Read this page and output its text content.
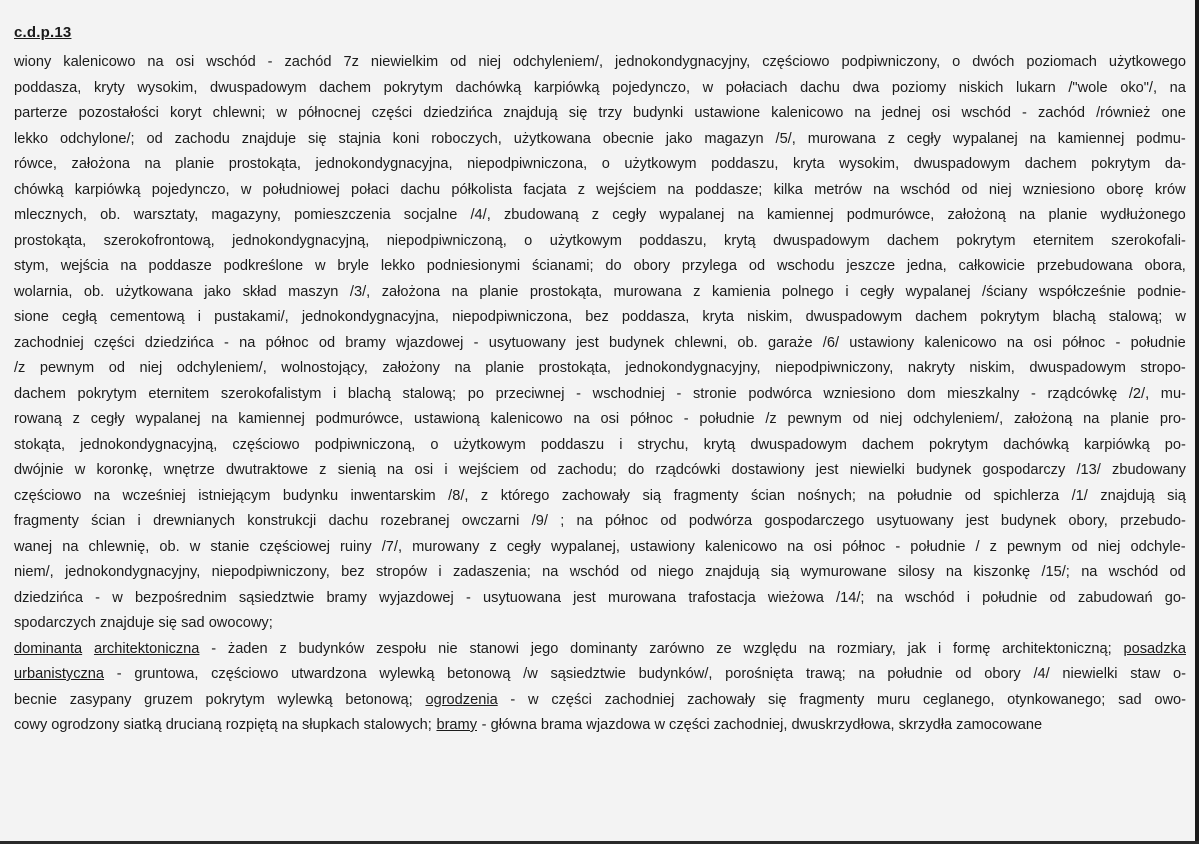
c.d.p.13
wiony kalenicowo na osi wschód - zachód 7z niewielkim od niej odchyleniem/, jednokondygnacyjny, częściowo podpiwniczony, o dwóch poziomach użytkowego
poddasza, kryty wysokim, dwuspadowym dachem pokrytym dachówką karpiówką pojedynczo, w połaciach dachu dwa poziomy niskich lukarn /"wole oko"/, na
parterze pozostałości koryt chlewni; w północnej części dziedzińca znajdują się trzy budynki ustawione kalenicowo na jednej osi wschód - zachód /również one
lekko odchylone/; od zachodu znajduje się stajnia koni roboczych, użytkowana obecnie jako magazyn /5/, murowana z cegły wypalanej na kamiennej podmu-
rówce, założona na planie prostokąta, jednokondygnacyjna, niepodpiwniczona, o użytkowym poddaszu, kryta wysokim, dwuspadowym dachem pokrytym da-
chówką karpiówką pojedynczo, w południowej połaci dachu półkolista facjata z wejściem na poddasze; kilka metrów na wschód od niej wzniesiono oborę krów
mlecznych, ob. warsztaty, magazyny, pomieszczenia socjalne /4/, zbudowaną z cegły wypalanej na kamiennej podmurówce, założoną na planie wydłużonego
prostokąta, szerokofrontową, jednokondygnacyjną, niepodpiwniczoną, o użytkowym poddaszu, krytą dwuspadowym dachem pokrytym eternitem szerokofali-
stym, wejścia na poddasze podkreślone w bryle lekko podniesionymi ścianami; do obory przylega od wschodu jeszcze jedna, całkowicie przebudowana obora,
wolarnia, ob. użytkowana jako skład maszyn /3/, założona na planie prostokąta, murowana z kamienia polnego i cegły wypalanej /ściany współcześnie podnie-
sione cegłą cementową i pustakami/, jednokondygnacyjna, niepodpiwniczona, bez poddasza, kryta niskim, dwuspadowym dachem pokrytym blachą stalową; w
zachodniej części dziedzińca - na północ od bramy wjazdowej - usytuowany jest budynek chlewni, ob. garaże /6/ ustawiony kalenicowo na osi północ - południe
/z pewnym od niej odchyleniem/, wolnostojący, założony na planie prostokąta, jednokondygnacyjny, niepodpiwniczony, nakryty niskim, dwuspadowym stropo-
dachem pokrytym eternitem szerokofalistym i blachą stalową; po przeciwnej - wschodniej - stronie podwórca wzniesiono dom mieszkalny - rządcówkę /2/, mu-
rowaną z cegły wypalanej na kamiennej podmurówce, ustawioną kalenicowo na osi północ - południe /z pewnym od niej odchyleniem/, założoną na planie pro-
stokąta, jednokondygnacyjną, częściowo podpiwniczoną, o użytkowym poddaszu i strychu, krytą dwuspadowym dachem pokrytym dachówką karpiówką po-
dwójnie w koronkę, wnętrze dwutraktowe z sienią na osi i wejściem od zachodu; do rządcówki dostawiony jest niewielki budynek gospodarczy /13/ zbudowany
częściowo na wcześniej istniejącym budynku inwentarskim /8/, z którego zachowały sią fragmenty ścian nośnych; na południe od spichlerza /1/ znajdują sią
fragmenty ścian i drewnianych konstrukcji dachu rozebranej owczarni /9/ ; na północ od podwórza gospodarczego usytuowany jest budynek obory, przebudo-
wanej na chlewnię, ob. w stanie częściowej ruiny /7/, murowany z cegły wypalanej, ustawiony kalenicowo na osi północ - południe / z pewnym od niej odchyle-
niem/, jednokondygnacyjny, niepodpiwniczony, bez stropów i zadaszenia; na wschód od niego znajdują sią wymurowane silosy na kiszonkę /15/; na wschód od
dziedzińca - w bezpośrednim sąsiedztwie bramy wyjazdowej - usytuowana jest murowana trafostacja wieżowa /14/; na wschód i południe od zabudowań go-
spodarczych znajduje się sad owocowy;
dominanta architektoniczna - żaden z budynków zespołu nie stanowi jego dominanty zarówno ze względu na rozmiary, jak i formę architektoniczną; posadzka
urbanistyczna - gruntowa, częściowo utwardzona wylewką betonową /w sąsiedztwie budynków/, porośnięta trawą; na południe od obory /4/ niewielki staw o-
becnie zasypany gruzem pokrytym wylewką betonową; ogrodzenia - w części zachodniej zachowały się fragmenty muru ceglanego, otynkowanego; sad owo-
cowy ogrodzony siatką drucianą rozpiętą na słupkach stalowych; bramy - główna brama wjazdowa w części zachodniej, dwuskrzydłowa, skrzydła zamocowane
